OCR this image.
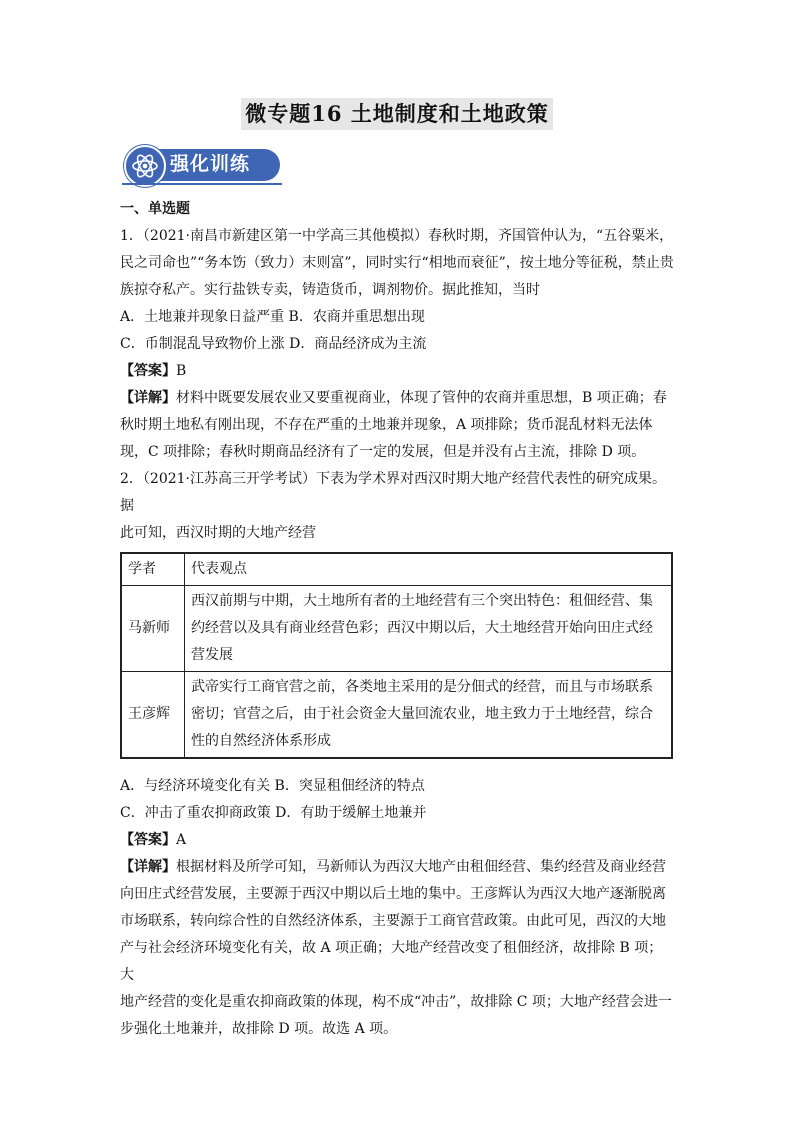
微专题16 土地制度和土地政策
强化训练

一、单选题

1．（2021·南昌市新建区第一中学高三其他模拟）春秋时期，齐国管仲认为，“五谷粟米，

民之司命也”“务本饬（致力）末则富”，同时实行“相地而衰征”，按土地分等征税，禁止贵

族掠夺私产。实行盐铁专卖，铸造货币，调剂物价。据此推知，当时

A．土地兼并现象日益严重 B．农商并重思想出现

C．币制混乱导致物价上涨 D．商品经济成为主流

【答案】B

【详解】材料中既要发展农业又要重视商业，体现了管仲的农商并重思想，B 项正确；春

秋时期土地私有刚出现，不存在严重的土地兼并现象，A 项排除；货币混乱材料无法体

现，C 项排除；春秋时期商品经济有了一定的发展，但是并没有占主流，排除 D 项。

2．（2021·江苏高三开学考试）下表为学术界对西汉时期大地产经营代表性的研究成果。据

此可知，西汉时期的大地产经营

学者	代表观点
马新师	西汉前期与中期，大土地所有者的土地经营有三个突出特色：租佃经营、集
约经营以及具有商业经营色彩；西汉中期以后，大土地经营开始向田庄式经
营发展

王彦辉	武帝实行工商官营之前，各类地主采用的是分佃式的经营，而且与市场联系
密切；官营之后，由于社会资金大量回流农业，地主致力于土地经营，综合
性的自然经济体系形成

A．与经济环境变化有关 B．突显租佃经济的特点

C．冲击了重农抑商政策 D．有助于缓解土地兼并

【答案】A

【详解】根据材料及所学可知，马新师认为西汉大地产由租佃经营、集约经营及商业经营

向田庄式经营发展，主要源于西汉中期以后土地的集中。王彦辉认为西汉大地产逐渐脱离

市场联系，转向综合性的自然经济体系，主要源于工商官营政策。由此可见，西汉的大地

产与社会经济环境变化有关，故 A 项正确；大地产经营改变了租佃经济，故排除 B 项；大

地产经营的变化是重农抑商政策的体现，构不成“冲击”，故排除 C 项；大地产经营会进一

步强化土地兼并，故排除 D 项。故选 A 项。
